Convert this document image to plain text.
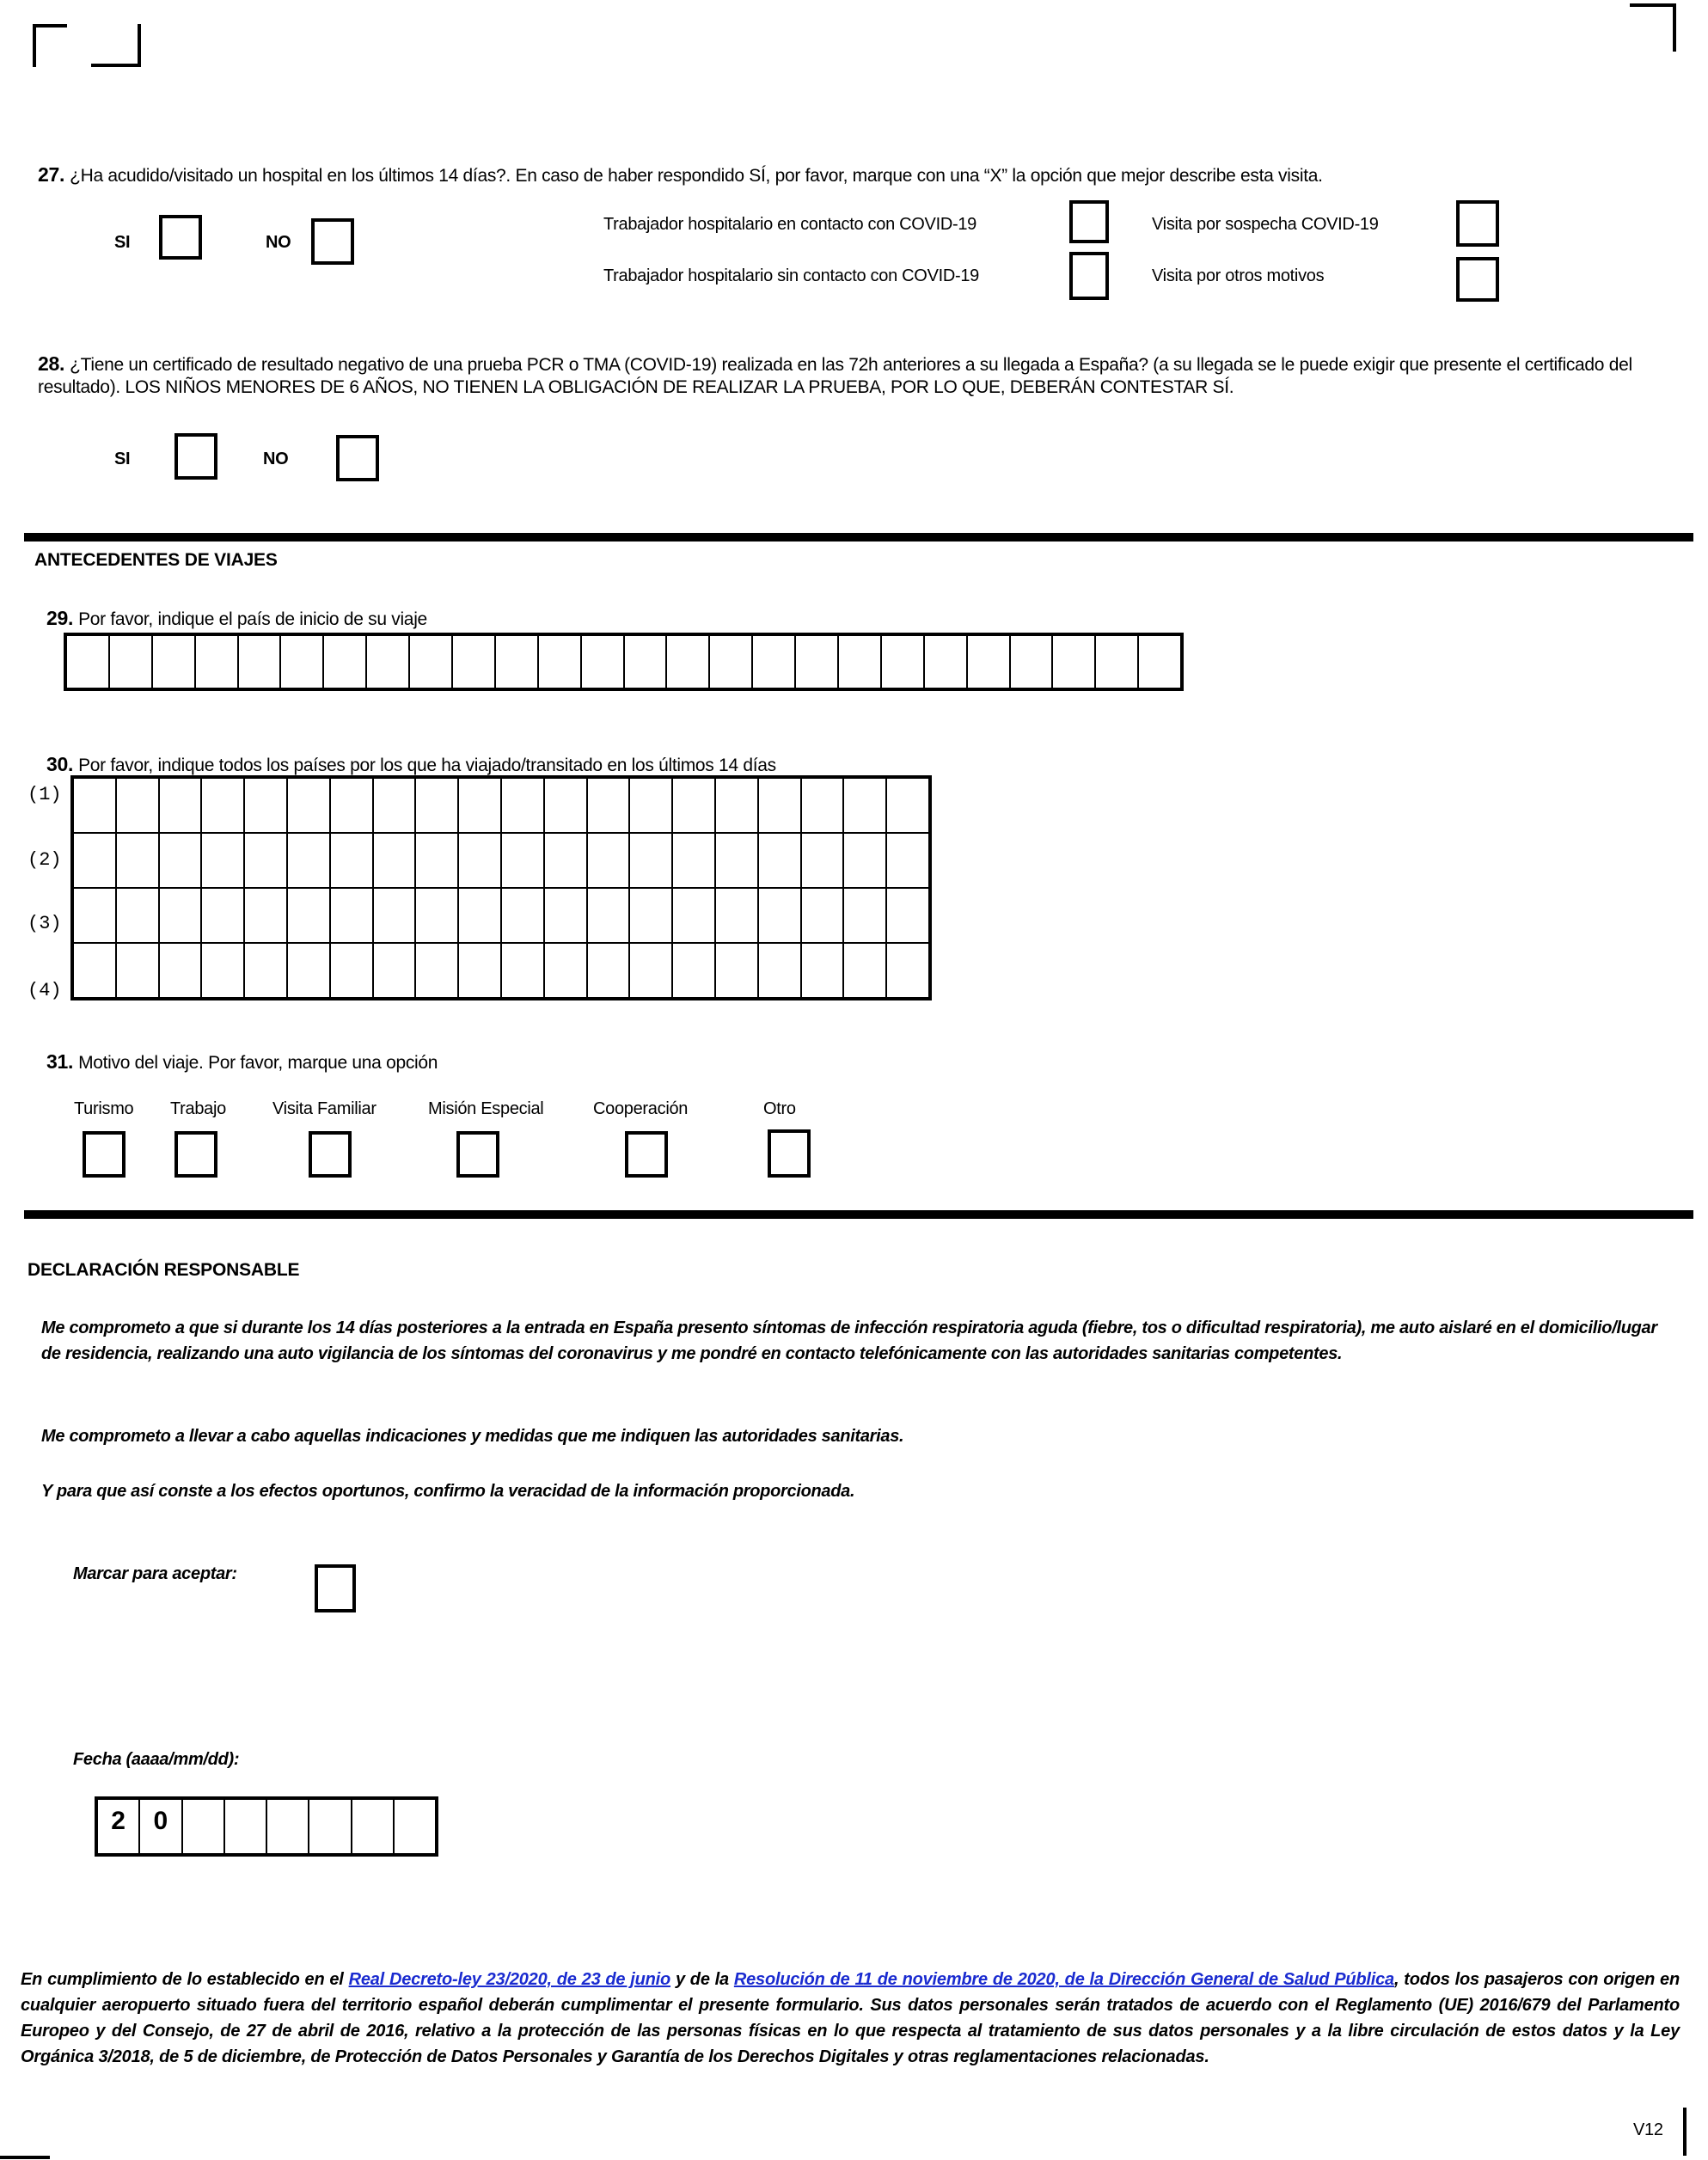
27. ¿Ha acudido/visitado un hospital en los últimos 14 días?. En caso de haber respondido SÍ, por favor, marque con una “X” la opción que mejor describe esta visita.
SI	NO
Trabajador hospitalario en contacto con COVID-19	Visita por sospecha COVID-19
Trabajador hospitalario sin contacto con COVID-19	Visita por otros motivos
28. ¿Tiene un certificado de resultado negativo de una prueba PCR o TMA (COVID-19) realizada en las 72h anteriores a su llegada a España? (a su llegada se le puede exigir que presente el certificado del resultado). LOS NIÑOS MENORES DE 6 AÑOS, NO TIENEN LA OBLIGACIÓN DE REALIZAR LA PRUEBA, POR LO QUE, DEBERÁN CONTESTAR SÍ.
SI	NO
ANTECEDENTES DE VIAJES
29. Por favor, indique el país de inicio de su viaje
30. Por favor, indique todos los países por los que ha viajado/transitado en los últimos 14 días
(1)
(2)
(3)
(4)
31. Motivo del viaje. Por favor, marque una opción
Turismo Trabajo	Visita Familiar	Misión Especial	Cooperación	Otro
DECLARACIÓN RESPONSABLE
Me comprometo a que si durante los 14 días posteriores a la entrada en España presento síntomas de infección respiratoria aguda (fiebre, tos o dificultad respiratoria), me auto aislaré en el domicilio/lugar de residencia, realizando una auto vigilancia de los síntomas del coronavirus y me pondré en contacto telefónicamente con las autoridades sanitarias competentes.
Me comprometo a llevar a cabo aquellas indicaciones y medidas que me indiquen las autoridades sanitarias.
Y para que así conste a los efectos oportunos, confirmo la veracidad de la información proporcionada.
Marcar para aceptar:
Fecha (aaaa/mm/dd):
2	0
En cumplimiento de lo establecido en el Real Decreto-ley 23/2020, de 23 de junio y de la Resolución de 11 de noviembre de 2020, de la Dirección General de Salud Pública, todos los pasajeros con origen en cualquier aeropuerto situado fuera del territorio español deberán cumplimentar el presente formulario. Sus datos personales serán tratados de acuerdo con el Reglamento (UE) 2016/679 del Parlamento Europeo y del Consejo, de 27 de abril de 2016, relativo a la protección de las personas físicas en lo que respecta al tratamiento de sus datos personales y a la libre circulación de estos datos y la Ley Orgánica 3/2018, de 5 de diciembre, de Protección de Datos Personales y Garantía de los Derechos Digitales y otras reglamentaciones relacionadas.
V12
